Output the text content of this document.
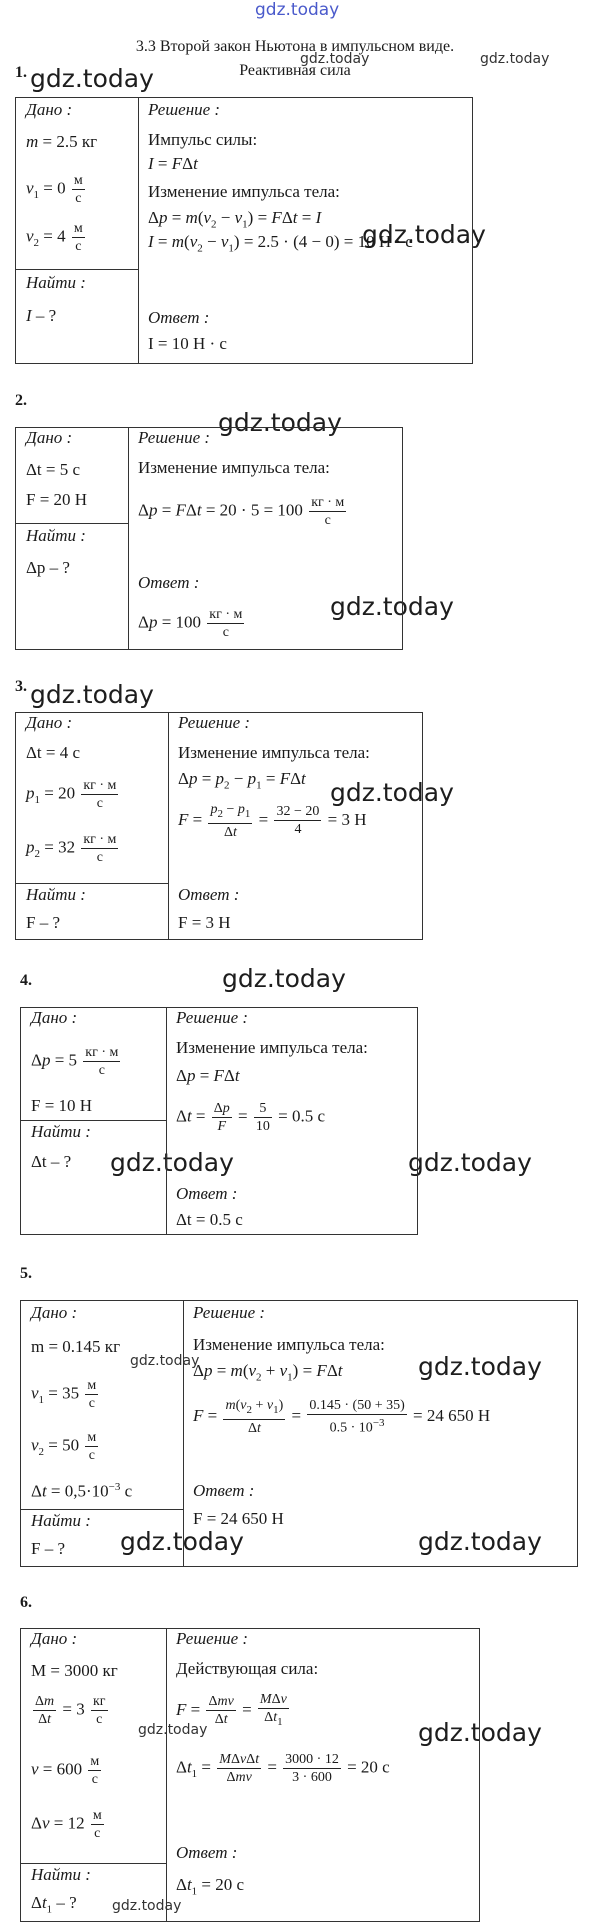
gdz.today
3.3 Второй закон Ньютона в импульсном виде.
Реактивная сила
gdz.today	gdz.today
gdz.today
gdz.today
gdz.today
gdz.today
gdz.today
gdz.today
gdz.today
gdz.today	gdz.today
gdz.today	gdz.today
gdz.today	gdz.today
gdz.today	gdz.today
gdz.today
1.
Дано :
m = 2.5 кг
$v_1 = 0 \frac{м}{с}$
$v_2 = 4 \frac{м}{с}$
Найти :
I – ?
Решение :
Импульс силы:
I = FΔt
Изменение импульса тела:
$\Delta p = m(v_2 - v_1) = F\Delta t = I$
$I = m(v_2 - v_1) = 2.5 \cdot (4 - 0) = 10$ Н · с
Ответ :
I = 10 Н · с
2.
Дано :
Δt = 5 с
F = 20 Н
Найти :
Δp – ?
Решение :
Изменение импульса тела:
$\Delta p = F\Delta t = 20 \cdot 5 = 100 \frac{кг \cdot м}{с}$
Ответ :
$\Delta p = 100 \frac{кг \cdot м}{с}$
3.
Дано :
Δt = 4 с
$p_1 = 20 \frac{кг \cdot м}{с}$
$p_2 = 32 \frac{кг \cdot м}{с}$
Найти :
F – ?
Решение :
Изменение импульса тела:
$\Delta p = p_2 - p_1 = F\Delta t$
$F = \frac{p_2 - p_1}{\Delta t} = \frac{32 - 20}{4} = 3$ Н
Ответ :
F = 3 Н
4.
Дано :
$\Delta p = 5 \frac{кг \cdot м}{с}$
F = 10 Н
Найти :
Δt – ?
Решение :
Изменение импульса тела:
Δp = FΔt
$\Delta t = \frac{\Delta p}{F} = \frac{5}{10} = 0.5$ с
Ответ :
Δt = 0.5 с
5.
Дано :
m = 0.145 кг
$v_1 = 35 \frac{м}{с}$
$v_2 = 50 \frac{м}{с}$
$\Delta t = 0,5\cdot 10^{-3}$ с
Найти :
F – ?
Решение :
Изменение импульса тела:
$\Delta p = m(v_2 + v_1) = F\Delta t$
$F = \frac{m(v_2 + v_1)}{\Delta t} = \frac{0.145 \cdot (50 + 35)}{0.5 \cdot 10^{-3}} = 24$ 650 Н
Ответ :
F = 24 650 Н
6.
Дано :
M = 3000 кг
$\frac{\Delta m}{\Delta t} = 3 \frac{кг}{с}$
$v = 600 \frac{м}{с}$
$\Delta v = 12 \frac{м}{с}$
Найти :
$\Delta t_1$ – ?
Решение :
Действующая сила:
$F = \frac{\text{Δmv}}{\Delta t} = \frac{\text{MΔv}}{\Delta t_1}$
$\Delta t_1 = \frac{\text{MΔvΔt}}{\text{Δmv}} = \frac{3000 \cdot 12}{3 \cdot 600} = 20$ с
Ответ :
$\Delta t_1 = 20$ с
